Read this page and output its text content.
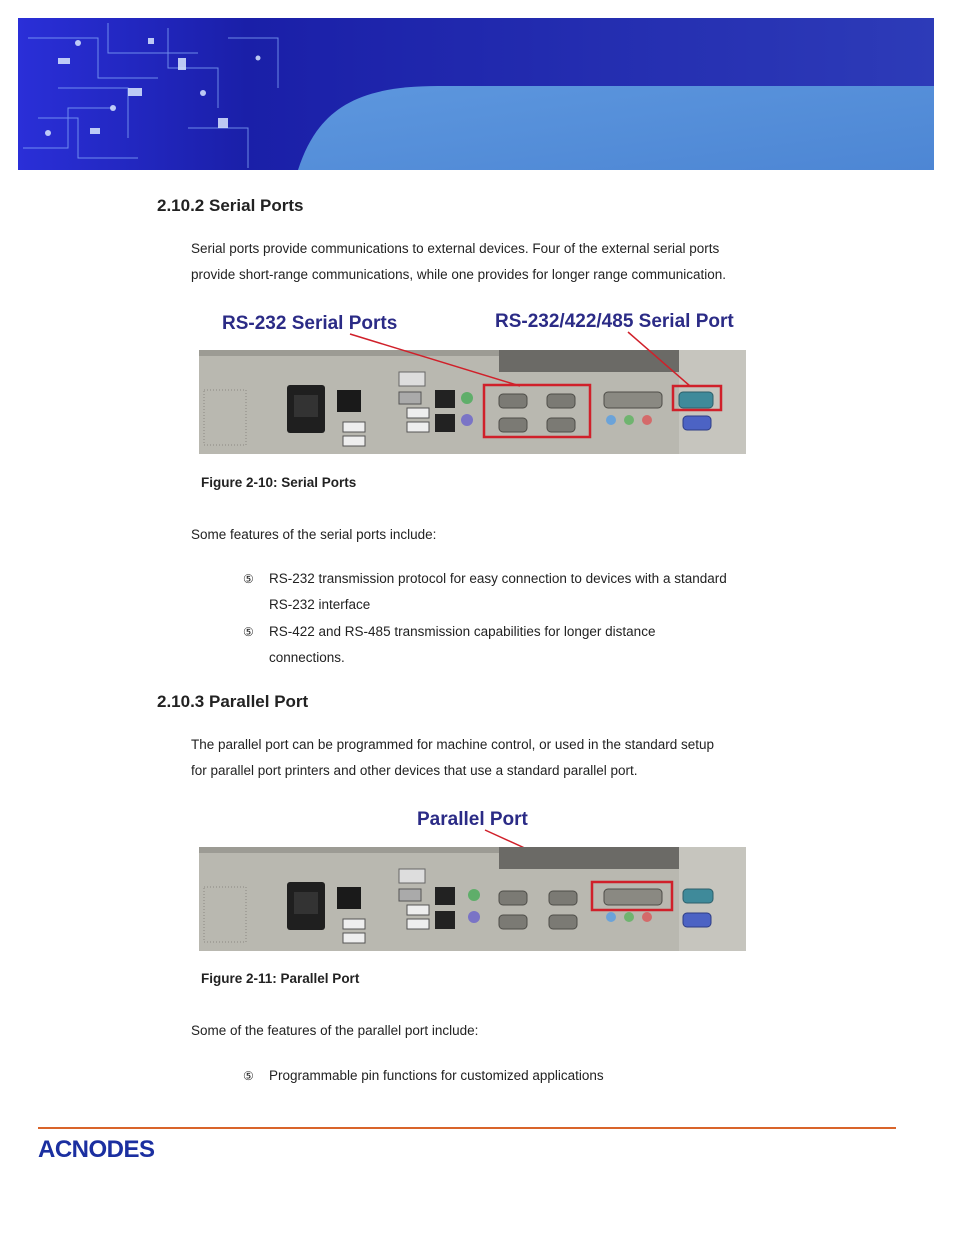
2.10.2 Serial Ports
Serial ports provide communications to external devices. Four of the external serial ports
provide short-range communications, while one provides for longer range communication.
RS-232 Serial Ports	RS-232/422/485 Serial Port
Figure 2-10: Serial Ports
Some features of the serial ports include:
⑤	RS-232 transmission protocol for easy connection to devices with a standard
RS-232 interface
⑤	RS-422 and RS-485 transmission capabilities for longer distance
connections.
2.10.3 Parallel Port
The parallel port can be programmed for machine control, or used in the standard setup
for parallel port printers and other devices that use a standard parallel port.
Parallel Port
Figure 2-11: Parallel Port
Some of the features of the parallel port include:
⑤	Programmable pin functions for customized applications
ACNODES
